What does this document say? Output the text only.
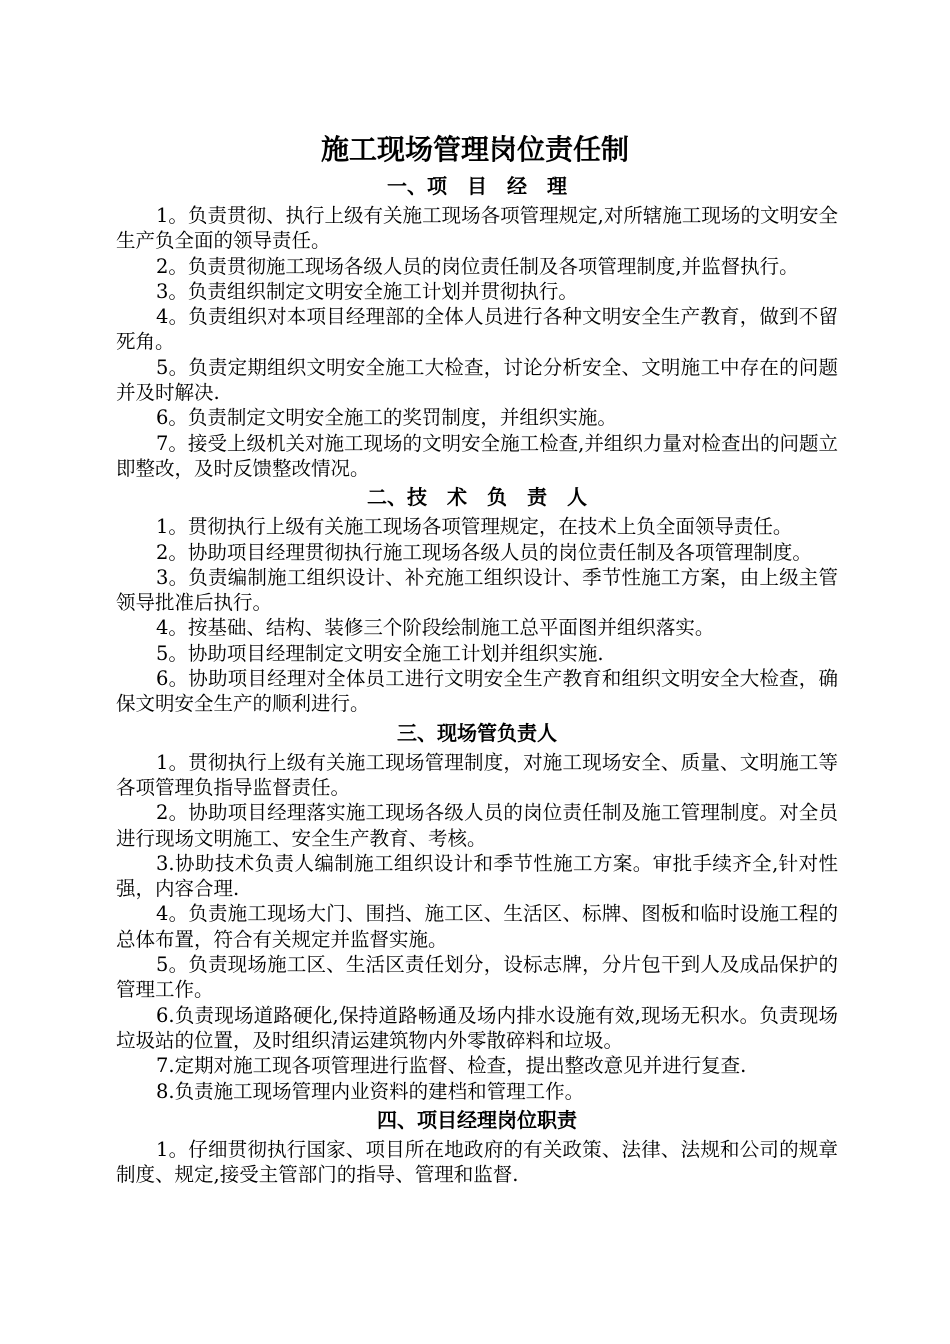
施工现场管理岗位责任制
一、项　目　经　理

1。负责贯彻、执行上级有关施工现场各项管理规定,对所辖施工现场的文明安全生产负全面的领导责任。

2。负责贯彻施工现场各级人员的岗位责任制及各项管理制度,并监督执行。

3。负责组织制定文明安全施工计划并贯彻执行。

4。负责组织对本项目经理部的全体人员进行各种文明安全生产教育，做到不留死角。

5。负责定期组织文明安全施工大检查，讨论分析安全、文明施工中存在的问题并及时解决.

6。负责制定文明安全施工的奖罚制度，并组织实施。

7。接受上级机关对施工现场的文明安全施工检查,并组织力量对检查出的问题立即整改，及时反馈整改情况。

二、技　术　负　责　人

1。贯彻执行上级有关施工现场各项管理规定，在技术上负全面领导责任。

2。协助项目经理贯彻执行施工现场各级人员的岗位责任制及各项管理制度。

3。负责编制施工组织设计、补充施工组织设计、季节性施工方案，由上级主管领导批准后执行。

4。按基础、结构、装修三个阶段绘制施工总平面图并组织落实。

5。协助项目经理制定文明安全施工计划并组织实施.

6。协助项目经理对全体员工进行文明安全生产教育和组织文明安全大检查，确保文明安全生产的顺利进行。

三、现场管负责人

1。贯彻执行上级有关施工现场管理制度，对施工现场安全、质量、文明施工等各项管理负指导监督责任。

2。协助项目经理落实施工现场各级人员的岗位责任制及施工管理制度。对全员进行现场文明施工、安全生产教育、考核。

3.协助技术负责人编制施工组织设计和季节性施工方案。审批手续齐全,针对性强，内容合理.

4。负责施工现场大门、围挡、施工区、生活区、标牌、图板和临时设施工程的总体布置，符合有关规定并监督实施。

5。负责现场施工区、生活区责任划分，设标志牌，分片包干到人及成品保护的管理工作。

6.负责现场道路硬化,保持道路畅通及场内排水设施有效,现场无积水。负责现场垃圾站的位置，及时组织清运建筑物内外零散碎料和垃圾。

7.定期对施工现各项管理进行监督、检查，提出整改意见并进行复查.

8.负责施工现场管理内业资料的建档和管理工作。

四、项目经理岗位职责

1。仔细贯彻执行国家、项目所在地政府的有关政策、法律、法规和公司的规章制度、规定,接受主管部门的指导、管理和监督.
